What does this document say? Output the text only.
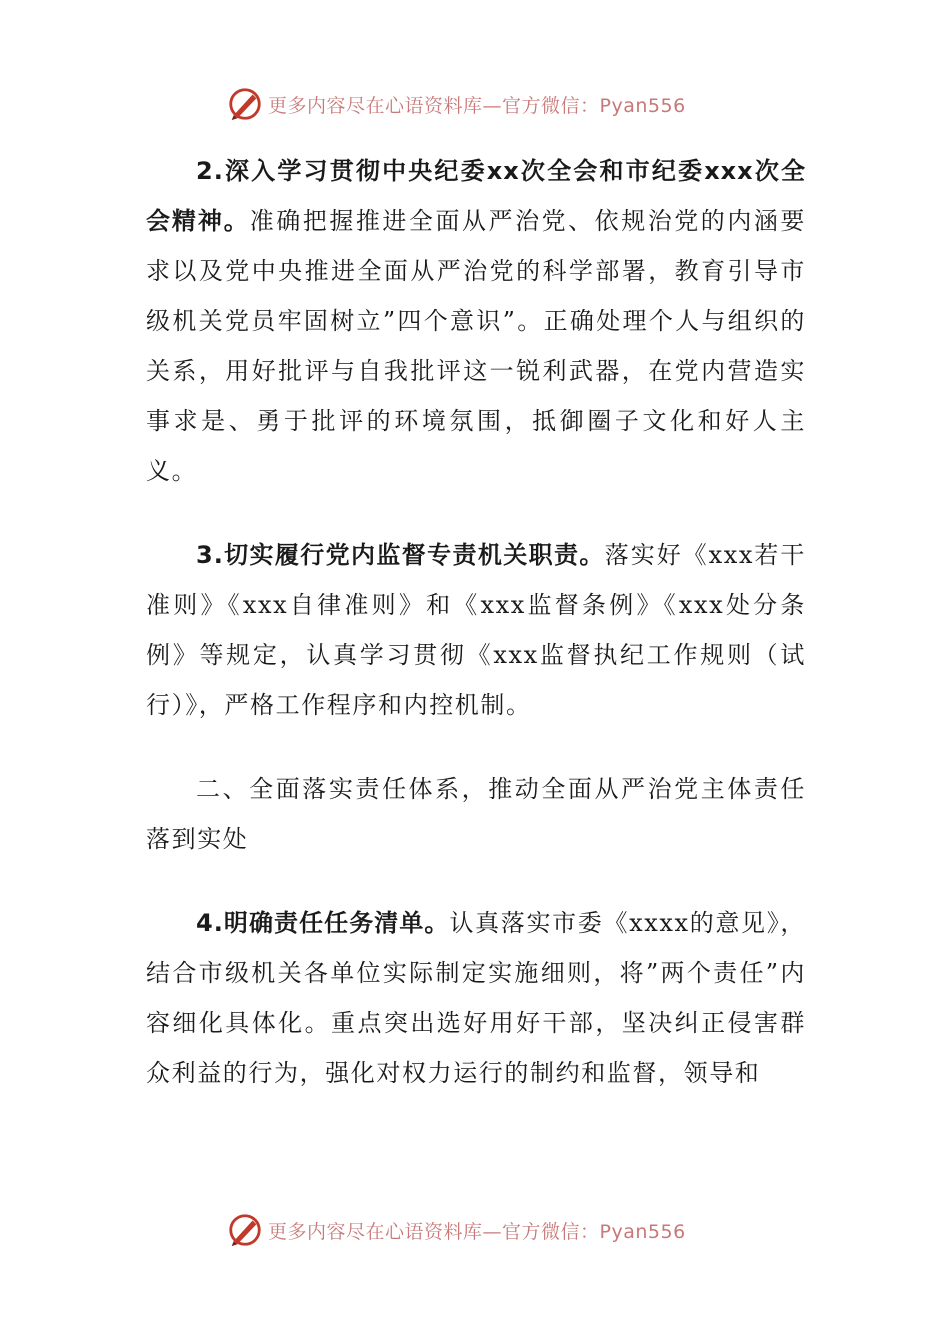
更多内容尽在心语资料库—官方微信：Pyan556

2.深入学习贯彻中央纪委xx次全会和市纪委xxx次全会精神。准确把握推进全面从严治党、依规治党的内涵要求以及党中央推进全面从严治党的科学部署，教育引导市级机关党员牢固树立”四个意识”。正确处理个人与组织的关系，用好批评与自我批评这一锐利武器，在党内营造实事求是、勇于批评的环境氛围，抵御圈子文化和好人主义。

3.切实履行党内监督专责机关职责。落实好《xxx若干准则》《xxx自律准则》和《xxx监督条例》《xxx处分条例》等规定，认真学习贯彻《xxx监督执纪工作规则（试行）》，严格工作程序和内控机制。

二、全面落实责任体系，推动全面从严治党主体责任落到实处

4.明确责任任务清单。认真落实市委《xxxx的意见》，结合市级机关各单位实际制定实施细则，将”两个责任”内容细化具体化。重点突出选好用好干部，坚决纠正侵害群众利益的行为，强化对权力运行的制约和监督，领导和

更多内容尽在心语资料库—官方微信：Pyan556
